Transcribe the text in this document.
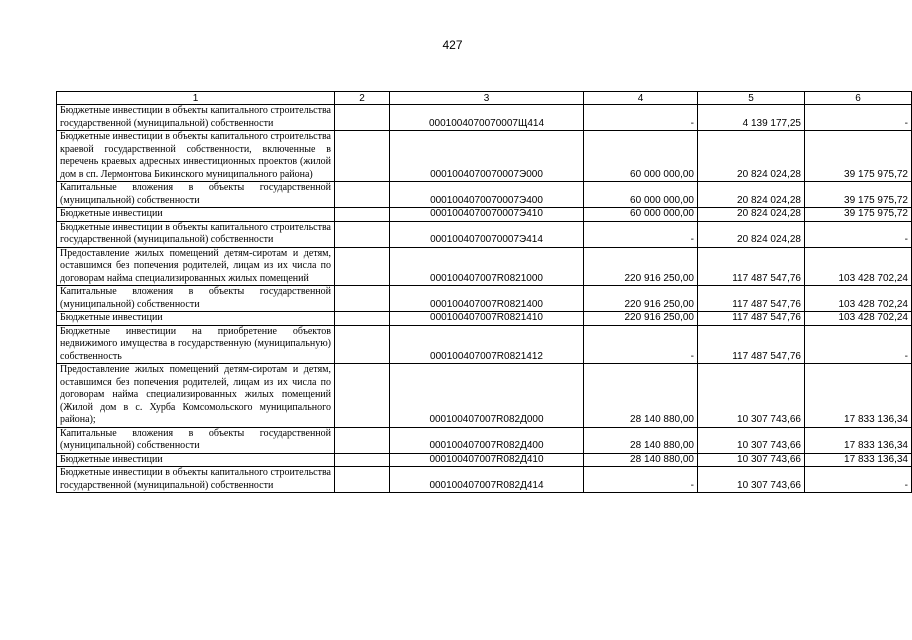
427
1	2	3	4	5	6
Бюджетные инвестиции в объекты капитального строительства государственной (муниципальной) собственности		0001004070070007Щ414	-	4 139 177,25	-
Бюджетные инвестиции в объекты капитального строительства краевой государственной собственности, включенные в перечень краевых адресных инвестиционных проектов (жилой дом в сп. Лермонтова Бикинского муниципального района)		0001004070070007Э000	60 000 000,00	20 824 024,28	39 175 975,72
Капитальные вложения в объекты государственной (муниципальной) собственности		0001004070070007Э400	60 000 000,00	20 824 024,28	39 175 975,72
Бюджетные инвестиции		0001004070070007Э410	60 000 000,00	20 824 024,28	39 175 975,72
Бюджетные инвестиции в объекты капитального строительства государственной (муниципальной) собственности		0001004070070007Э414	-	20 824 024,28	-
Предоставление жилых помещений детям-сиротам и детям, оставшимся без попечения родителей, лицам из их числа по договорам найма специализированных жилых помещений		000100407007R0821000	220 916 250,00	117 487 547,76	103 428 702,24
Капитальные вложения в объекты государственной (муниципальной) собственности		000100407007R0821400	220 916 250,00	117 487 547,76	103 428 702,24
Бюджетные инвестиции		000100407007R0821410	220 916 250,00	117 487 547,76	103 428 702,24
Бюджетные инвестиции на приобретение объектов недвижимого имущества в государственную (муниципальную) собственность		000100407007R0821412	-	117 487 547,76	-
Предоставление жилых помещений детям-сиротам и детям, оставшимся без попечения родителей, лицам из их числа по договорам найма специализированных жилых помещений (Жилой дом в с. Хурба Комсомольского муниципального района);		000100407007R082Д000	28 140 880,00	10 307 743,66	17 833 136,34
Капитальные вложения в объекты государственной (муниципальной) собственности		000100407007R082Д400	28 140 880,00	10 307 743,66	17 833 136,34
Бюджетные инвестиции		000100407007R082Д410	28 140 880,00	10 307 743,66	17 833 136,34
Бюджетные инвестиции в объекты капитального строительства государственной (муниципальной) собственности		000100407007R082Д414	-	10 307 743,66	-
